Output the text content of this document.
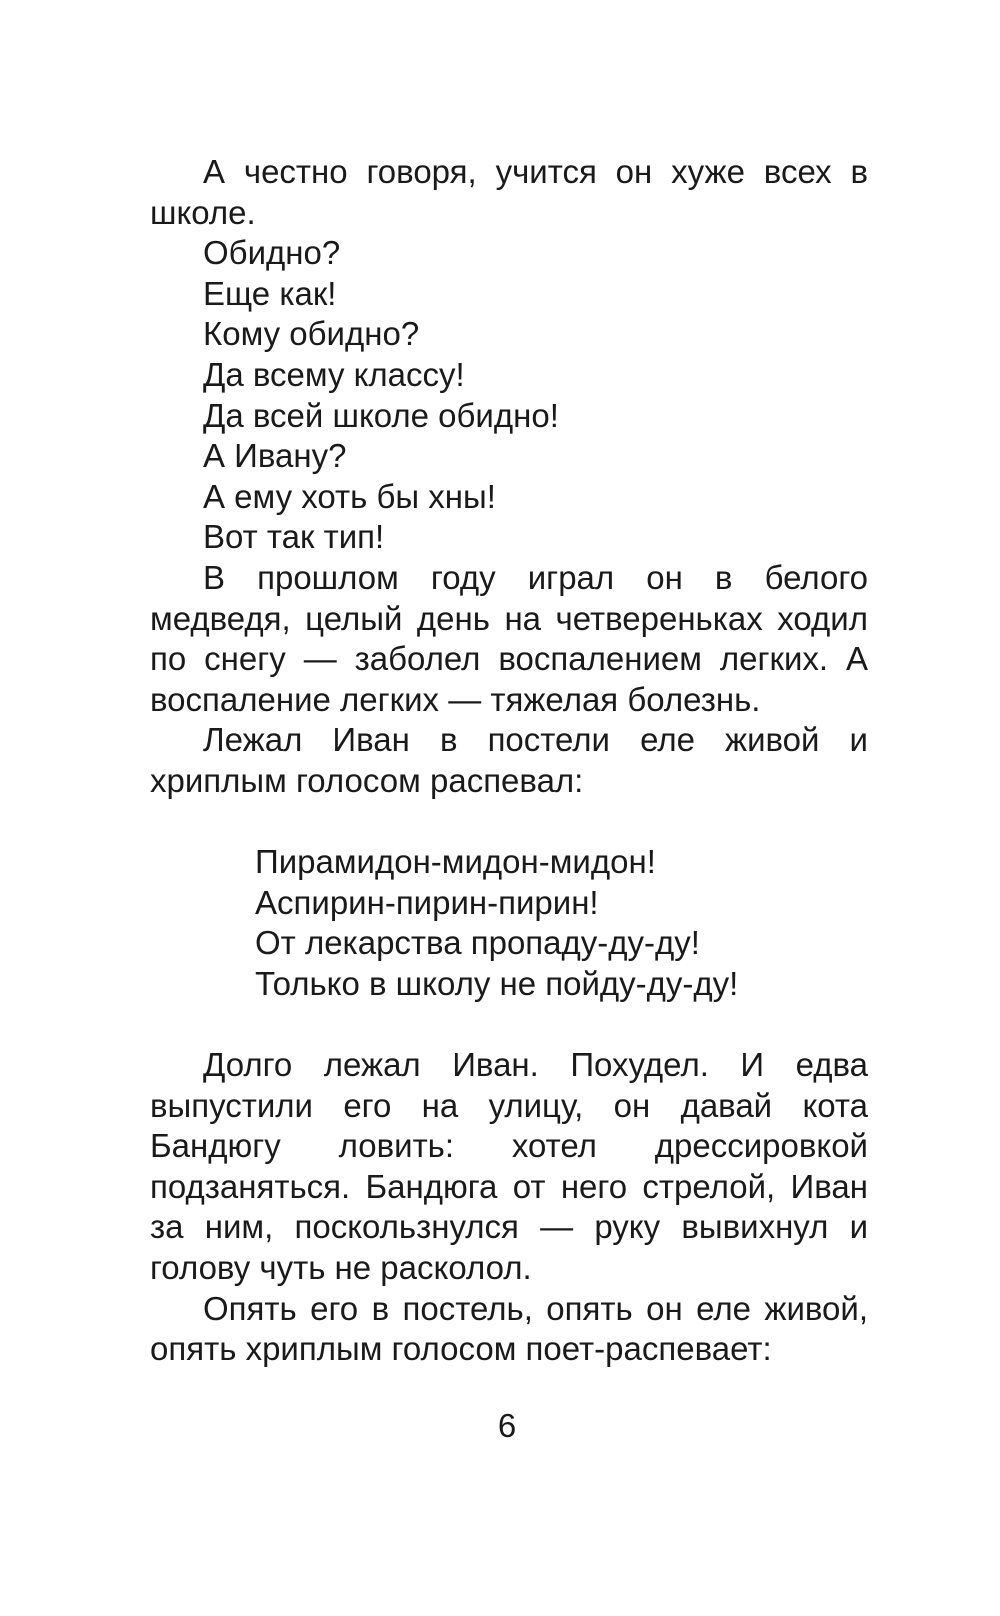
А честно говоря, учится он хуже всех в школе.

Обидно?

Еще как!

Кому обидно?

Да всему классу!

Да всей школе обидно!

А Ивану?

А ему хоть бы хны!

Вот так тип!

В прошлом году играл он в белого медведя, целый день на четвереньках ходил по снегу — заболел воспалением легких. А воспаление легких — тяжелая болезнь.

Лежал Иван в постели еле живой и хриплым голосом распевал:

Пирамидон-мидон-мидон!
Аспирин-пирин-пирин!
От лекарства пропаду-ду-ду!
Только в школу не пойду-ду-ду!

Долго лежал Иван. Похудел. И едва выпустили его на улицу, он давай кота Бандюгу ловить: хотел дрессировкой подзаняться. Бандюга от него стрелой, Иван за ним, поскользнулся — руку вывихнул и голову чуть не расколол.

Опять его в постель, опять он еле живой, опять хриплым голосом поет-распевает:

6
